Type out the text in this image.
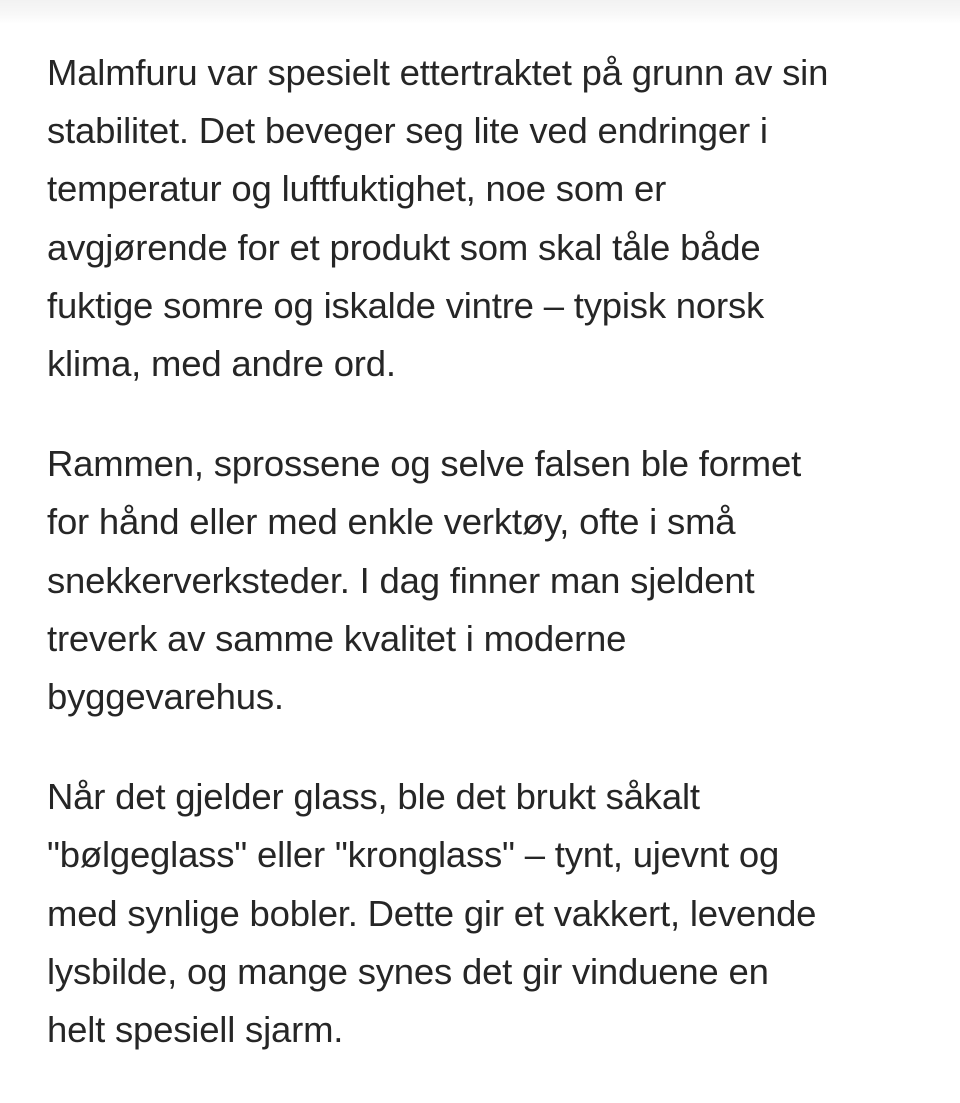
Malmfuru var spesielt ettertraktet på grunn av sin
stabilitet. Det beveger seg lite ved endringer i
temperatur og luftfuktighet, noe som er
avgjørende for et produkt som skal tåle både
fuktige somre og iskalde vintre – typisk norsk
klima, med andre ord.

Rammen, sprossene og selve falsen ble formet
for hånd eller med enkle verktøy, ofte i små
snekkerverksteder. I dag finner man sjeldent
treverk av samme kvalitet i moderne
byggevarehus.

Når det gjelder glass, ble det brukt såkalt
"bølgeglass" eller "kronglass" – tynt, ujevnt og
med synlige bobler. Dette gir et vakkert, levende
lysbilde, og mange synes det gir vinduene en
helt spesiell sjarm.
